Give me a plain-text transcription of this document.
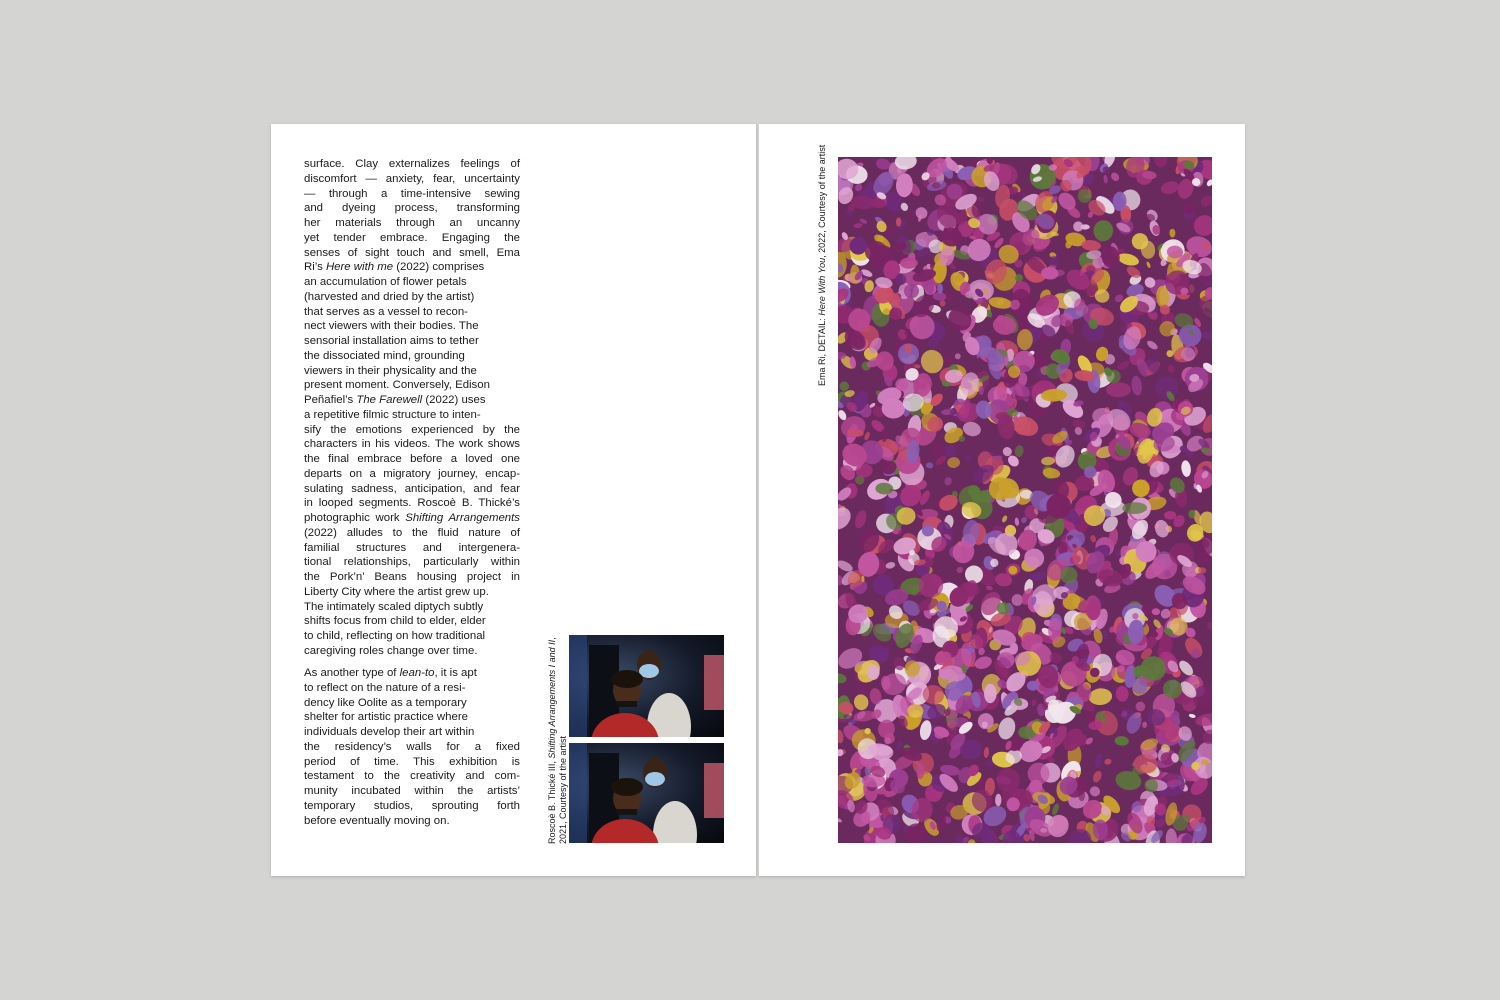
surface. Clay externalizes feelings of
discomfort — anxiety, fear, uncertainty
— through a time-intensive sewing
and dyeing process, transforming
her materials through an uncanny
yet tender embrace. Engaging the
senses of sight touch and smell, Ema
Ri’s Here with me (2022) comprises
an accumulation of flower petals
(harvested and dried by the artist)
that serves as a vessel to recon-
nect viewers with their bodies. The
sensorial installation aims to tether
the dissociated mind, grounding
viewers in their physicality and the
present moment. Conversely, Edison
Peñafiel’s The Farewell (2022) uses
a repetitive filmic structure to inten-
sify the emotions experienced by the
characters in his videos. The work shows
the final embrace before a loved one
departs on a migratory journey, encap-
sulating sadness, anticipation, and fear
in looped segments. Roscoè B. Thické’s
photographic work Shifting Arrangements
(2022) alludes to the fluid nature of
familial structures and intergenera-
tional relationships, particularly within
the Pork’n’ Beans housing project in
Liberty City where the artist grew up.
The intimately scaled diptych subtly
shifts focus from child to elder, elder
to child, reflecting on how traditional
caregiving roles change over time.

As another type of lean-to, it is apt
to reflect on the nature of a resi-
dency like Oolite as a temporary
shelter for artistic practice where
individuals develop their art within
the residency’s walls for a fixed
period of time. This exhibition is
testament to the creativity and com-
munity incubated within the artists’
temporary studios, sprouting forth
before eventually moving on.	Roscoè B. Thické III, Shifting Arrangements I and II,
2021, Courtesy of the artist
Ema Ri, DETAIL: Here With You, 2022, Courtesy of the artist
